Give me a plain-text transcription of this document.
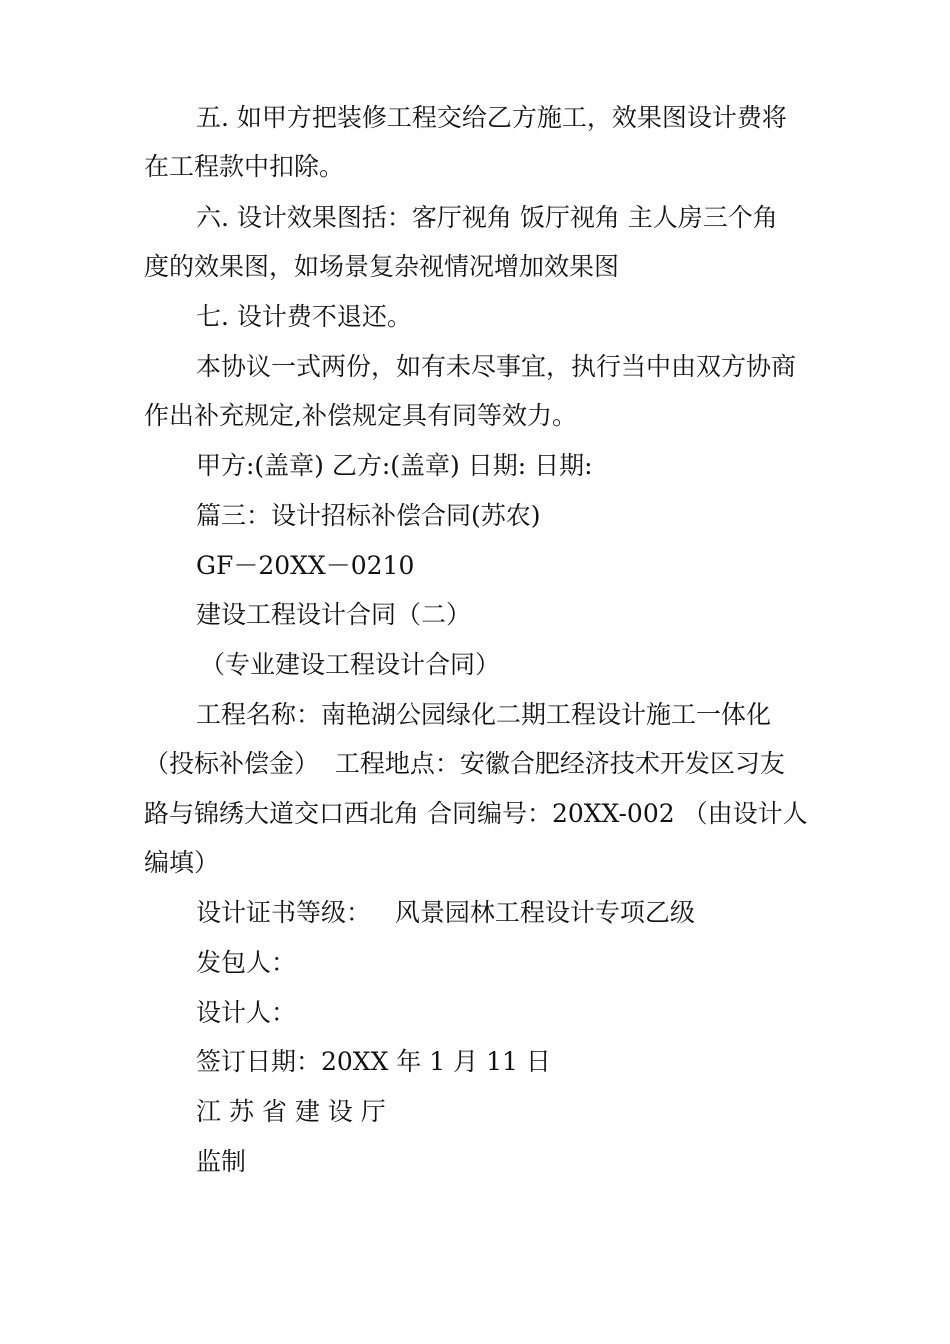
五. 如甲方把装修工程交给乙方施工，效果图设计费将
在工程款中扣除。
六. 设计效果图括：客厅视角 饭厅视角 主人房三个角
度的效果图，如场景复杂视情况增加效果图
七. 设计费不退还。
本协议一式两份，如有未尽事宜，执行当中由双方协商
作出补充规定,补偿规定具有同等效力。
甲方:(盖章) 乙方:(盖章) 日期: 日期:
篇三：设计招标补偿合同(苏农)
GF－20XX－0210
建设工程设计合同（二）
（专业建设工程设计合同）
工程名称：南艳湖公园绿化二期工程设计施工一体化
（投标补偿金）  工程地点：安徽合肥经济技术开发区习友
路与锦绣大道交口西北角 合同编号：20XX-002 （由设计人
编填）
设计证书等级：   风景园林工程设计专项乙级
发包人：
设计人：
签订日期：20XX 年 1 月 11 日
江 苏 省 建 设 厅
监制
